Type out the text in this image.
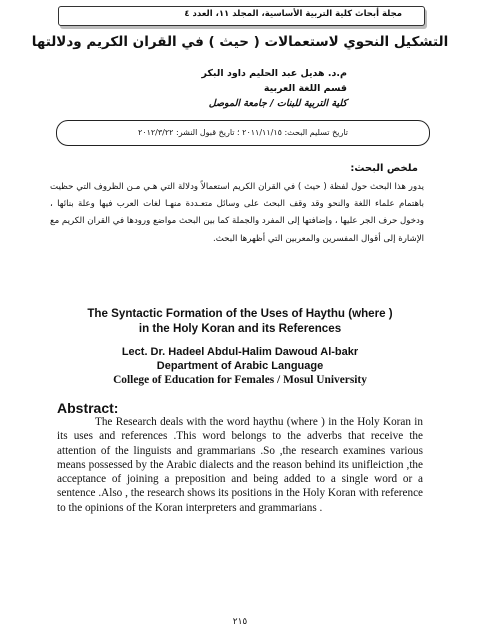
مجلة أبحاث كلية التربية الأساسية، المجلد ١١، العدد ٤
التشكيل النحوي لاستعمالات ( حيث ) في القران الكريم ودلالتها
م.د. هديل عبد الحليم داود البكر
قسم اللغة العربية
كلية التربية للبنات / جامعة الموصل
تاريخ تسليم البحث: ٢٠١١/١١/١٥ ؛ تاريخ قبول النشر: ٢٠١٢/٣/٢٢
ملخص البحث:
يدور هذا البحث حول لفظة ( حيث ) في القران الكريم استعمالاً ودلالة التي هـي مـن الظروف التي حظيت باهتمام علماء اللغة والنحو وقد وقف البحث على وسائل متعـددة منهـا لغات العرب فيها وعلة بنائها ، ودخول حرف الجر عليها ، وإضافتها إلى المفرد والجملة كما بين البحث مواضع ورودها في القران الكريم مع الإشارة إلى أقوال المفسرين والمعربين التي أظهرها البحث.
The Syntactic Formation of the Uses of Haythu (where )
in the Holy Koran and its References
Lect. Dr. Hadeel Abdul-Halim Dawoud Al-bakr
Department of Arabic Language
College of Education for Females / Mosul University
Abstract:
The Research deals with the word haythu (where ) in the Holy Koran in its uses and references .This word belongs to the adverbs that receive the attention of the linguists and grammarians .So ,the research examines various means possessed by the Arabic dialects and the reason behind its unifleiction ,the acceptance of joining a preposition and being added to a single word or a sentence .Also , the research shows its positions in the Holy Koran with reference to the opinions of the Koran interpreters and grammarians .
٢١٥
